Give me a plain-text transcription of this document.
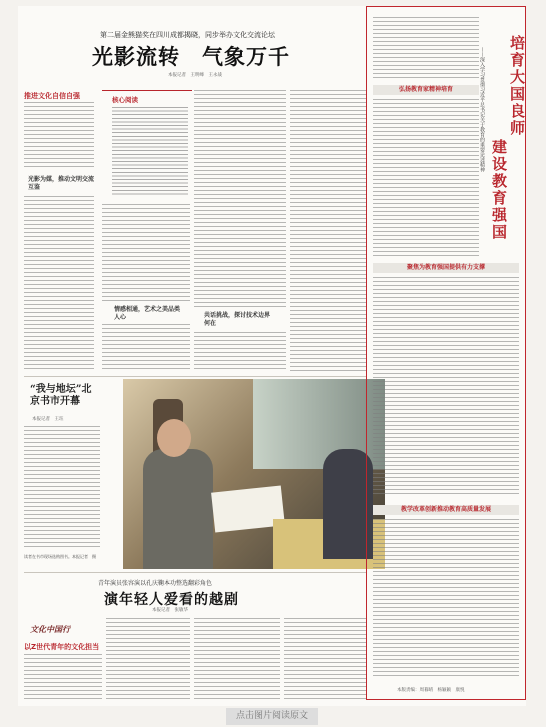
第二届金熊猫奖在四川成都揭晓，同步举办文化交流论坛
光影流转　气象万千
本报记者　王明峰　王永战
推进文化自信自强
光影为媒，推动文明交流互鉴
核心阅读
情感相通，艺术之美品类人心	共话挑战，探讨技术边界何在
“我与地坛”北京书市开幕
本报记者　王珏
读者在书市现场选购图书。本报记者　摄
青年演员张容演以孔庆鞠本功整选翻彩角色
演年轻人爱看的越剧
本报记者　张敏华
文化中国行
以Z世代青年的文化担当
培育大国良师
建设教育强国
——深入学习贯彻习近平总书记关于教育的重要论述精神
弘扬教育家精神培育
聚焦为教育强国提供有力支撑
教学改革创新推动教育高质量发展
本版责编：周暮晴　杨颖颖　康悦
点击图片阅读原文
